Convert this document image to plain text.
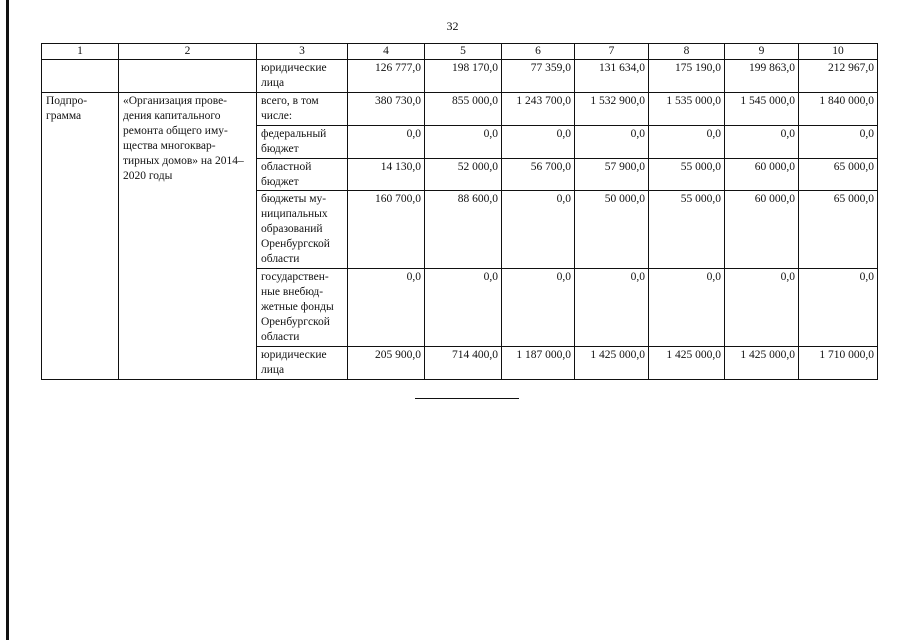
32
1	2	3	4	5	6	7	8	9	10
		юридические лица	126 777,0	198 170,0	77 359,0	131 634,0	175 190,0	199 863,0	212 967,0
Подпро-грамма	«Организация прове-дения капитального ремонта общего иму-щества многоквар-тирных домов» на 2014–2020 годы	всего, в том числе:	380 730,0	855 000,0	1 243 700,0	1 532 900,0	1 535 000,0	1 545 000,0	1 840 000,0
		федеральный бюджет	0,0	0,0	0,0	0,0	0,0	0,0	0,0
		областной бюджет	14 130,0	52 000,0	56 700,0	57 900,0	55 000,0	60 000,0	65 000,0
		бюджеты му-ниципальных образований Оренбургской области	160 700,0	88 600,0	0,0	50 000,0	55 000,0	60 000,0	65 000,0
		государствен-ные внебюд-жетные фонды Оренбургской области	0,0	0,0	0,0	0,0	0,0	0,0	0,0
		юридические лица	205 900,0	714 400,0	1 187 000,0	1 425 000,0	1 425 000,0	1 425 000,0	1 710 000,0
